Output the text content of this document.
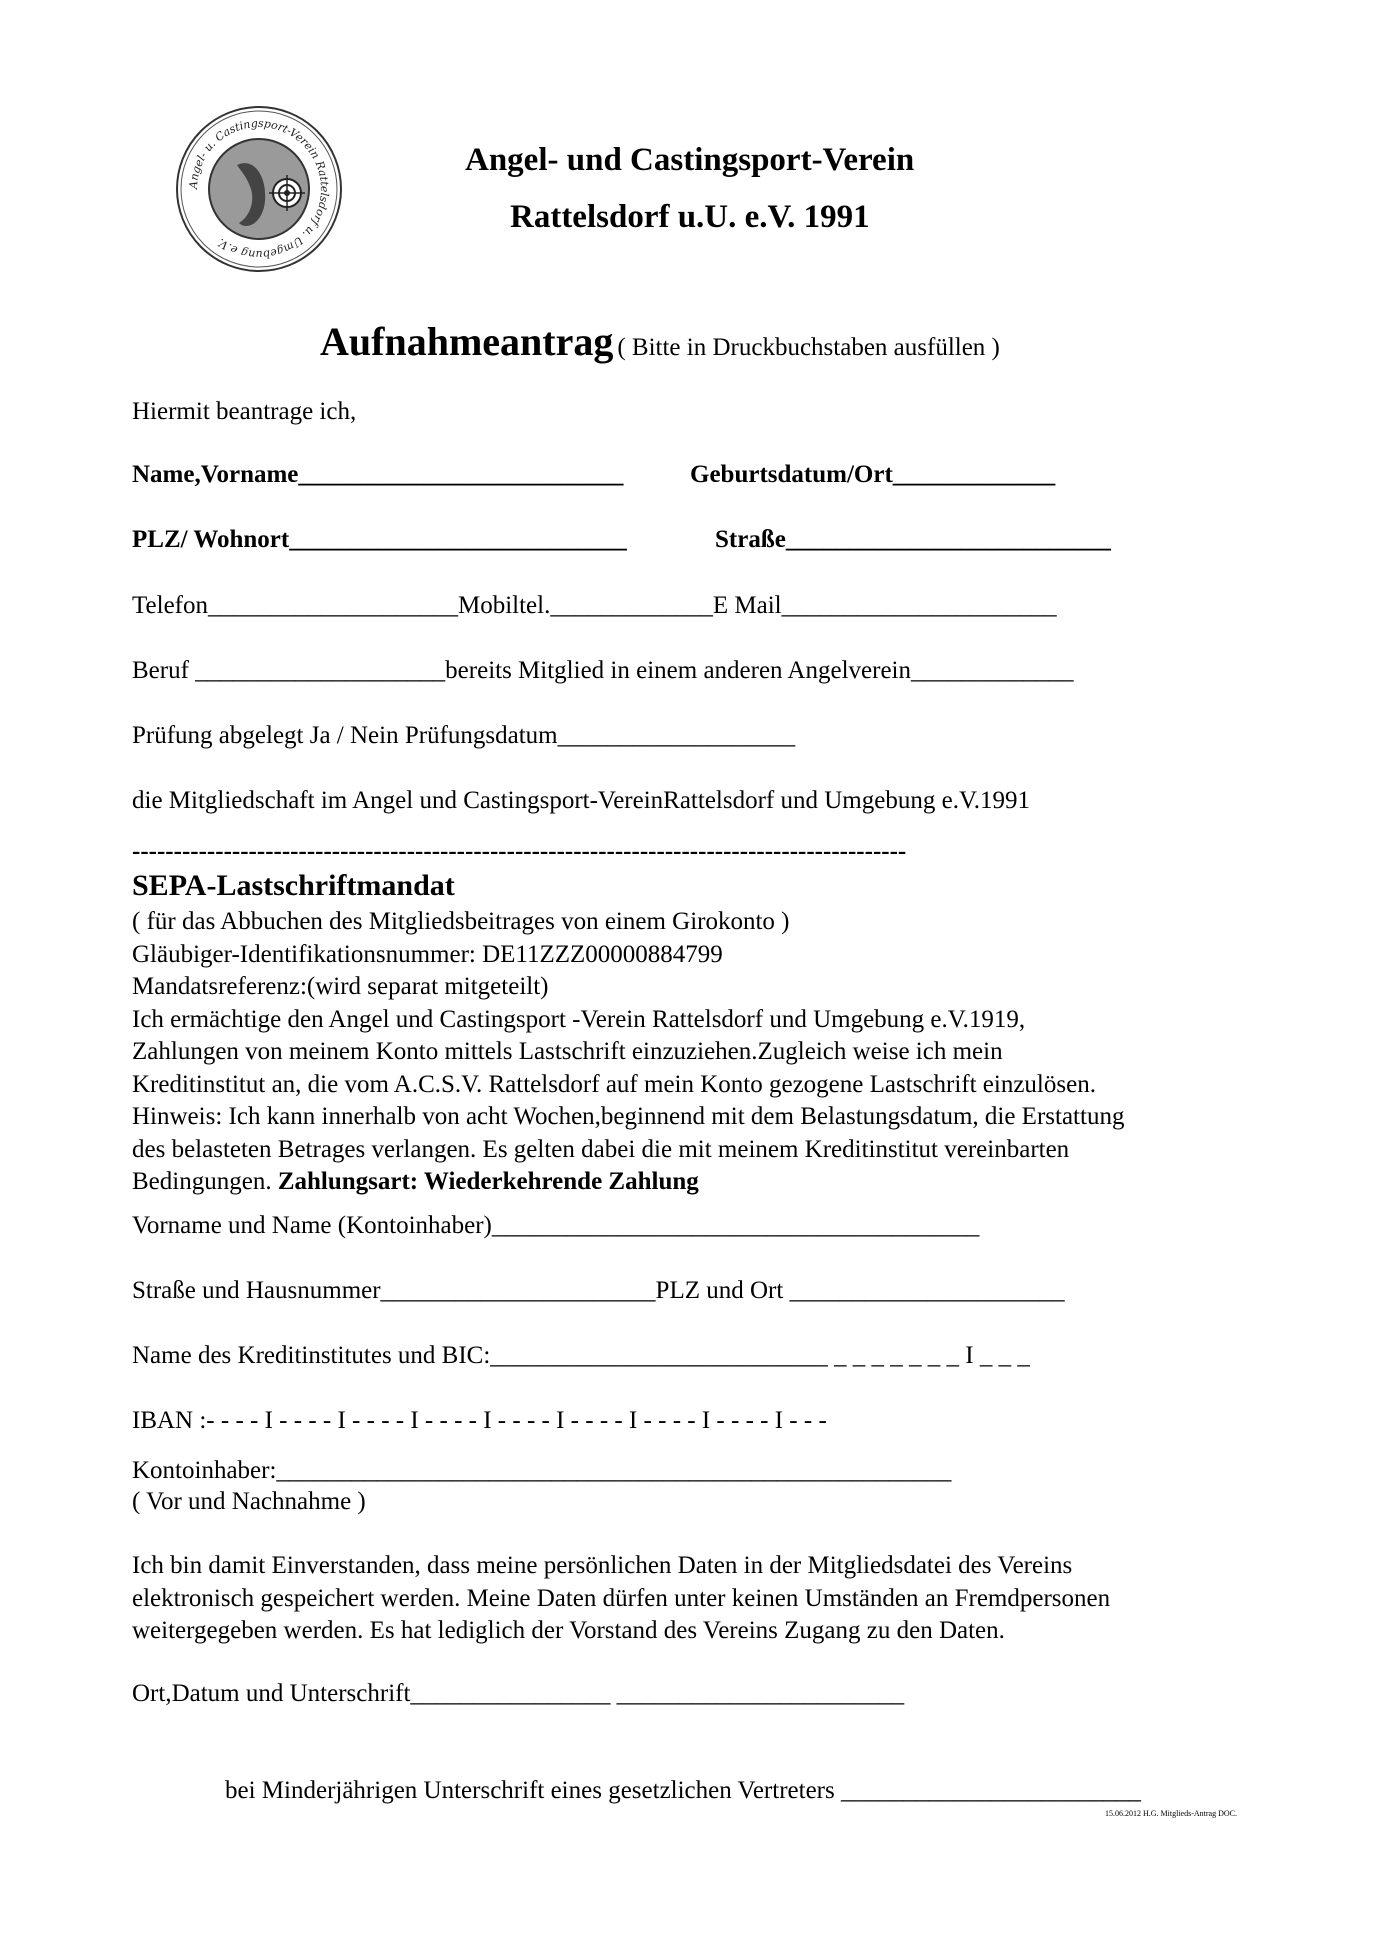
Angel- u. Castingsport-Verein Rattelsdorf u. Umgebung e.V.
Angel- und Castingsport-Verein
Rattelsdorf u.U. e.V. 1991
Aufnahmeantrag ( Bitte in Druckbuchstaben ausfüllen )
Hiermit beantrage ich,
Name,Vorname__________________________	Geburtsdatum/Ort_____________
PLZ/ Wohnort___________________________	Straße__________________________
Telefon____________________Mobiltel._____________E Mail______________________
Beruf ____________________bereits Mitglied in einem anderen Angelverein_____________
Prüfung abgelegt Ja / Nein Prüfungsdatum___________________
die Mitgliedschaft im Angel und Castingsport-VereinRattelsdorf und Umgebung e.V.1991
---------------------------------------------------------------------------------------------
SEPA-Lastschriftmandat
( für das Abbuchen des Mitgliedsbeitrages von einem Girokonto )
Gläubiger-Identifikationsnummer: DE11ZZZ00000884799
Mandatsreferenz:(wird separat mitgeteilt)
Ich ermächtige den Angel und Castingsport -Verein Rattelsdorf und Umgebung e.V.1919,
Zahlungen von meinem Konto mittels Lastschrift einzuziehen.Zugleich weise ich mein
Kreditinstitut an, die vom A.C.S.V. Rattelsdorf auf mein Konto gezogene Lastschrift einzulösen.
Hinweis: Ich kann innerhalb von acht Wochen,beginnend mit dem Belastungsdatum, die Erstattung
des belasteten Betrages verlangen. Es gelten dabei die mit meinem Kreditinstitut vereinbarten
Bedingungen. Zahlungsart: Wiederkehrende Zahlung
Vorname und Name (Kontoinhaber)_______________________________________
Straße und Hausnummer______________________PLZ und Ort ______________________
Name des Kreditinstitutes und BIC:___________________________ _ _ _ _ _ _ _ I _ _ _
IBAN :- - - - I - - - - I - - - - I - - - - I - - - - I - - - - I - - - - I - - - - I - - -
Kontoinhaber:______________________________________________________
( Vor und Nachnahme )
Ich bin damit Einverstanden, dass meine persönlichen Daten in der Mitgliedsdatei des Vereins
elektronisch gespeichert werden. Meine Daten dürfen unter keinen Umständen an Fremdpersonen
weitergegeben werden. Es hat lediglich der Vorstand des Vereins Zugang zu den Daten.
Ort,Datum und Unterschrift________________ _______________________
bei Minderjährigen Unterschrift eines gesetzlichen Vertreters ________________________
15.06.2012 H.G. Mitglieds-Antrag DOC.
